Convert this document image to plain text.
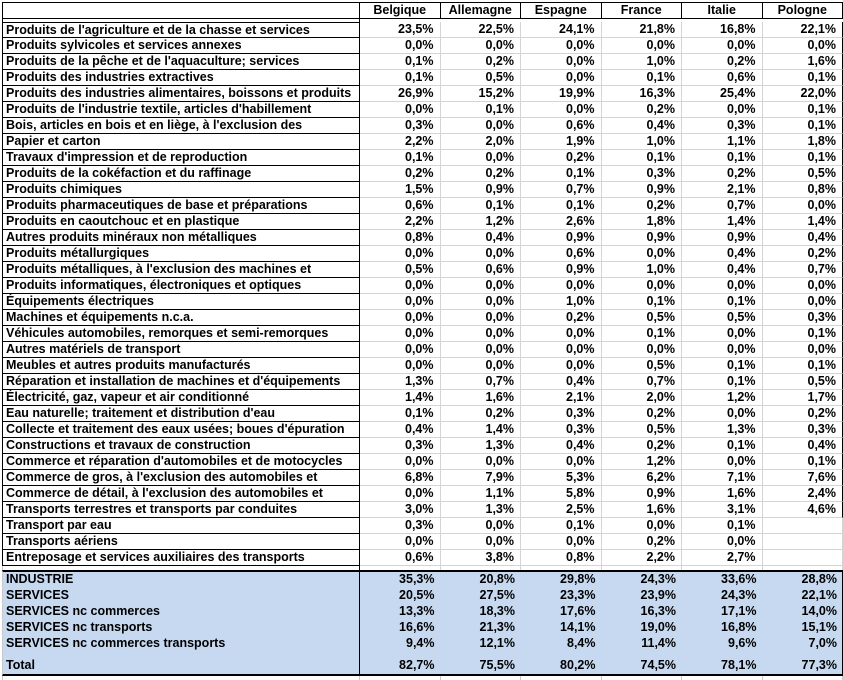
Belgique	Allemagne	Espagne	France	Italie	Pologne
Produits de l'agriculture et de la chasse et services	23,5%	22,5%	24,1%	21,8%	16,8%	22,1%
Produits sylvicoles et services annexes	0,0%	0,0%	0,0%	0,0%	0,0%	0,0%
Produits de la pêche et de l'aquaculture; services	0,1%	0,2%	0,0%	1,0%	0,2%	1,6%
Produits des industries extractives	0,1%	0,5%	0,0%	0,1%	0,6%	0,1%
Produits des industries alimentaires, boissons et produits	26,9%	15,2%	19,9%	16,3%	25,4%	22,0%
Produits de l'industrie textile, articles d'habillement	0,0%	0,1%	0,0%	0,2%	0,0%	0,1%
Bois, articles en bois et en liège, à l'exclusion des	0,3%	0,0%	0,6%	0,4%	0,3%	0,1%
Papier et carton	2,2%	2,0%	1,9%	1,0%	1,1%	1,8%
Travaux d'impression et de reproduction	0,1%	0,0%	0,2%	0,1%	0,1%	0,1%
Produits de la cokéfaction et du raffinage	0,2%	0,2%	0,1%	0,3%	0,2%	0,5%
Produits chimiques	1,5%	0,9%	0,7%	0,9%	2,1%	0,8%
Produits pharmaceutiques de base et préparations	0,6%	0,1%	0,1%	0,2%	0,7%	0,0%
Produits en caoutchouc et en plastique	2,2%	1,2%	2,6%	1,8%	1,4%	1,4%
Autres produits minéraux non métalliques	0,8%	0,4%	0,9%	0,9%	0,9%	0,4%
Produits métallurgiques	0,0%	0,0%	0,6%	0,0%	0,4%	0,2%
Produits métalliques, à l'exclusion des machines et	0,5%	0,6%	0,9%	1,0%	0,4%	0,7%
Produits informatiques, électroniques et optiques	0,0%	0,0%	0,0%	0,0%	0,0%	0,0%
Équipements électriques	0,0%	0,0%	1,0%	0,1%	0,1%	0,0%
Machines et équipements n.c.a.	0,0%	0,0%	0,2%	0,5%	0,5%	0,3%
Véhicules automobiles, remorques et semi-remorques	0,0%	0,0%	0,0%	0,1%	0,0%	0,1%
Autres matériels de transport	0,0%	0,0%	0,0%	0,0%	0,0%	0,0%
Meubles et autres produits manufacturés	0,0%	0,0%	0,0%	0,5%	0,1%	0,1%
Réparation et installation de machines et d'équipements	1,3%	0,7%	0,4%	0,7%	0,1%	0,5%
Électricité, gaz, vapeur et air conditionné	1,4%	1,6%	2,1%	2,0%	1,2%	1,7%
Eau naturelle; traitement et distribution d'eau	0,1%	0,2%	0,3%	0,2%	0,0%	0,2%
Collecte et traitement des eaux usées; boues d'épuration	0,4%	1,4%	0,3%	0,5%	1,3%	0,3%
Constructions et travaux de construction	0,3%	1,3%	0,4%	0,2%	0,1%	0,4%
Commerce et réparation d'automobiles et de motocycles	0,0%	0,0%	0,0%	1,2%	0,0%	0,1%
Commerce de gros, à l'exclusion des automobiles et	6,8%	7,9%	5,3%	6,2%	7,1%	7,6%
Commerce de détail, à l'exclusion des automobiles et	0,0%	1,1%	5,8%	0,9%	1,6%	2,4%
Transports terrestres et transports par conduites	3,0%	1,3%	2,5%	1,6%	3,1%	4,6%
Transport par eau	0,3%	0,0%	0,1%	0,0%	0,1%
Transports aériens	0,0%	0,0%	0,0%	0,2%	0,0%
Entreposage et services auxiliaires des transports	0,6%	3,8%	0,8%	2,2%	2,7%
INDUSTRIE	35,3%	20,8%	29,8%	24,3%	33,6%	28,8%
SERVICES	20,5%	27,5%	23,3%	23,9%	24,3%	22,1%
SERVICES nc commerces	13,3%	18,3%	17,6%	16,3%	17,1%	14,0%
SERVICES nc transports	16,6%	21,3%	14,1%	19,0%	16,8%	15,1%
SERVICES nc commerces transports	9,4%	12,1%	8,4%	11,4%	9,6%	7,0%
Total	82,7%	75,5%	80,2%	74,5%	78,1%	77,3%
